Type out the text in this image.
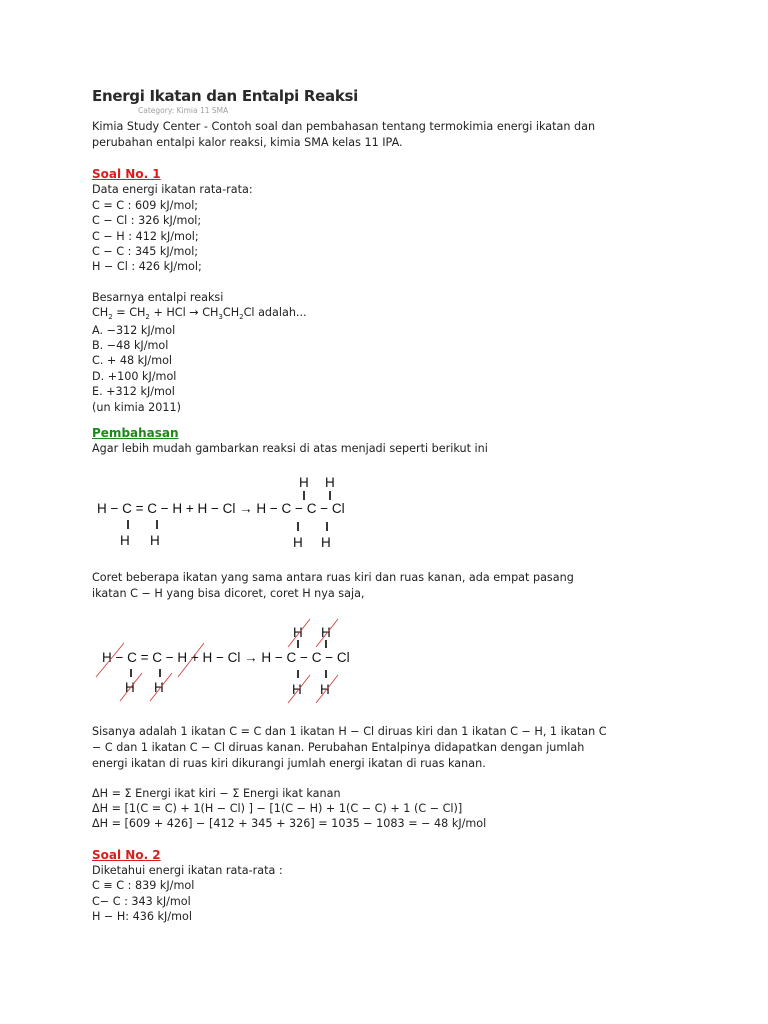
Energi Ikatan dan Entalpi Reaksi

Category: Kimia 11 SMA

Kimia Study Center - Contoh soal dan pembahasan tentang termokimia energi ikatan dan

perubahan entalpi kalor reaksi, kimia SMA kelas 11 IPA.

Soal No. 1

Data energi ikatan rata-rata:

C = C : 609 kJ/mol;

C − Cl : 326 kJ/mol;

C − H : 412 kJ/mol;

C − C : 345 kJ/mol;

H − Cl : 426 kJ/mol;

Besarnya entalpi reaksi

$CH_2 = CH_2$ + HCl → $CH_3CH_2Cl$ adalah...

A. −312 kJ/mol

B. −48 kJ/mol

C. + 48 kJ/mol

D. +100 kJ/mol

E. +312 kJ/mol

(un kimia 2011)

Pembahasan

Agar lebih mudah gambarkan reaksi di atas menjadi seperti berikut ini

H H
H − C = C − H + H − Cl → H − C − C − Cl
H H	H H

Coret beberapa ikatan yang sama antara ruas kiri dan ruas kanan, ada empat pasang

ikatan C − H yang bisa dicoret, coret H nya saja,

H H
H − C = C − H + H − Cl → H − C − C − Cl
H H	H H

Sisanya adalah 1 ikatan C = C dan 1 ikatan H − Cl diruas kiri dan 1 ikatan C − H, 1 ikatan C

− C dan 1 ikatan C − Cl diruas kanan. Perubahan Entalpinya didapatkan dengan jumlah

energi ikatan di ruas kiri dikurangi jumlah energi ikatan di ruas kanan.

ΔH = Σ Energi ikat kiri − Σ Energi ikat kanan

ΔH = [1(C = C) + 1(H − Cl) ] − [1(C − H) + 1(C − C) + 1 (C − Cl)]

ΔH = [609 + 426] − [412 + 345 + 326] = 1035 − 1083 = − 48 kJ/mol

Soal No. 2

Diketahui energi ikatan rata-rata :

C ≡ C : 839 kJ/mol

C− C : 343 kJ/mol

H − H: 436 kJ/mol
